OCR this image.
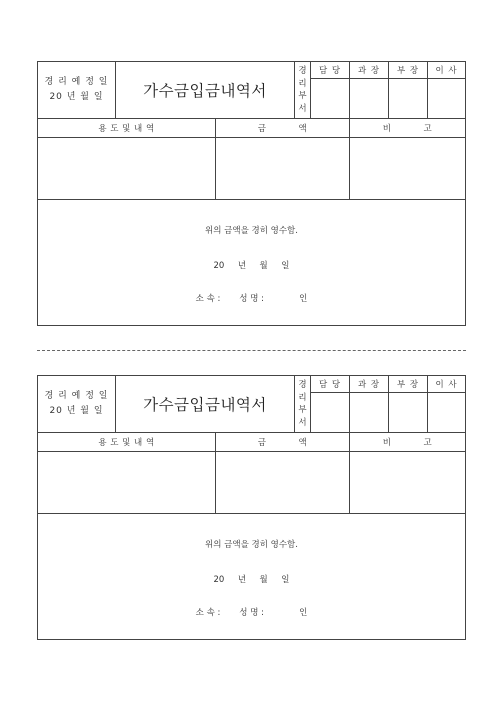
경 리 예 정 일
20 년 월 일	가수금입금내역서
경
리
부
서
담 당	과 장	부 장	이 사
용 도 및 내 역	금          액	비          고
위의 금액을 경히 영수함.
20     년     월     일
소 속 :       성 명 :             인
경 리 예 정 일
20 년 월 일	가수금입금내역서
경
리
부
서
담 당	과 장	부 장	이 사
용 도 및 내 역	금          액	비          고
위의 금액을 경히 영수함.
20     년     월     일
소 속 :       성 명 :             인
